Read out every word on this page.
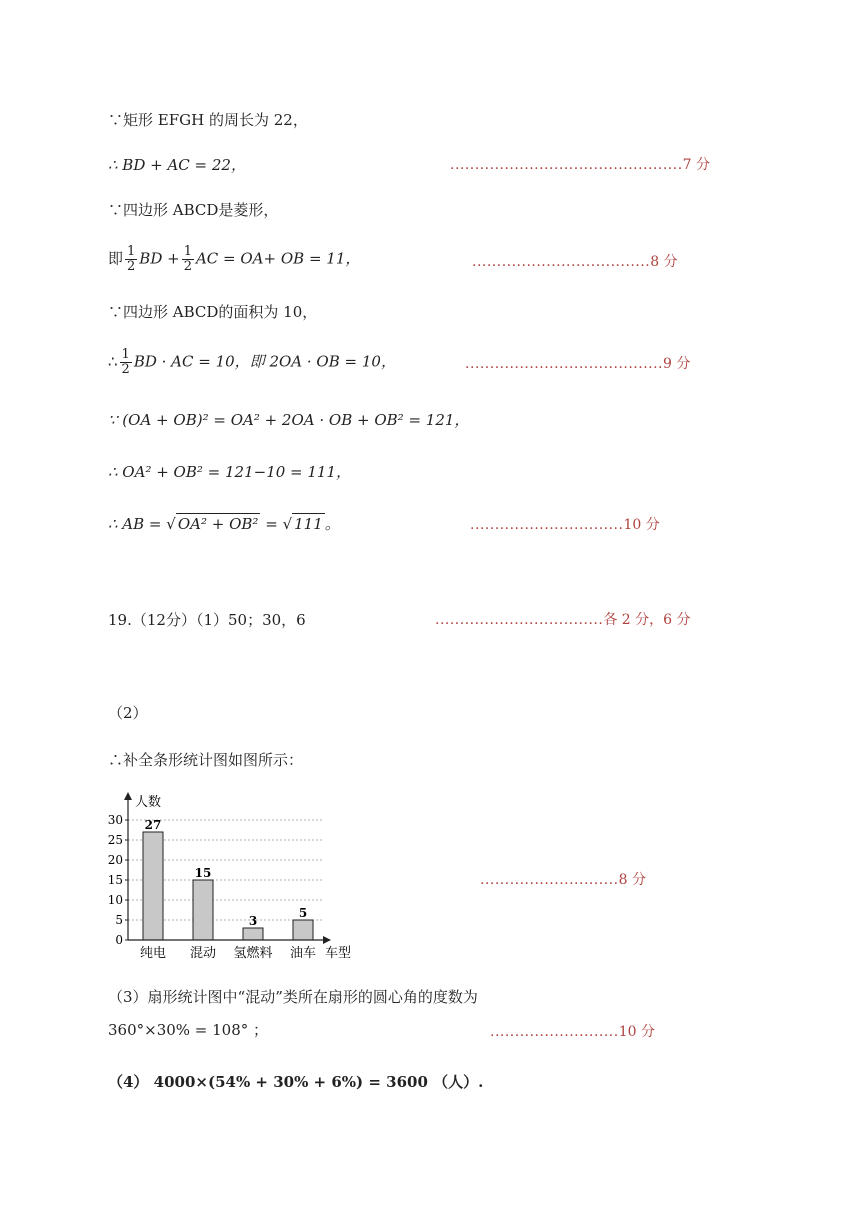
∵矩形 EFGH 的周长为 22，
∴ BD + AC = 22，
∵四边形 ABCD是菱形，
即 $\frac{1}{2}$ BD + $\frac{1}{2}$ AC = OA+ OB = 11，
∵四边形 ABCD的面积为 10，
∴ $\frac{1}{2}$ BD · AC = 10，即 2OA · OB = 10，
∵ (OA + OB)² = OA² + 2OA · OB + OB² = 121，
∴ OA² + OB² = 121−10 = 111，
∴ AB = √ OA² + OB² = √ 111 。
19.（12分）（1）50；30，6
（2）
∴补全条形统计图如图所示：
（3）扇形统计图中“混动”类所在扇形的圆心角的度数为
360°×30% = 108° ；
（4） 4000×(54% + 30% + 6%) = 3600 （人）.
...............................................7 分
....................................8 分
........................................9 分
...............................10 分
..................................各 2 分，6 分
............................8 分
..........................10 分
0
5
10
15
20
25
30 27
纯电
15
混动
3
氢燃料
5
油车
人数
车型
